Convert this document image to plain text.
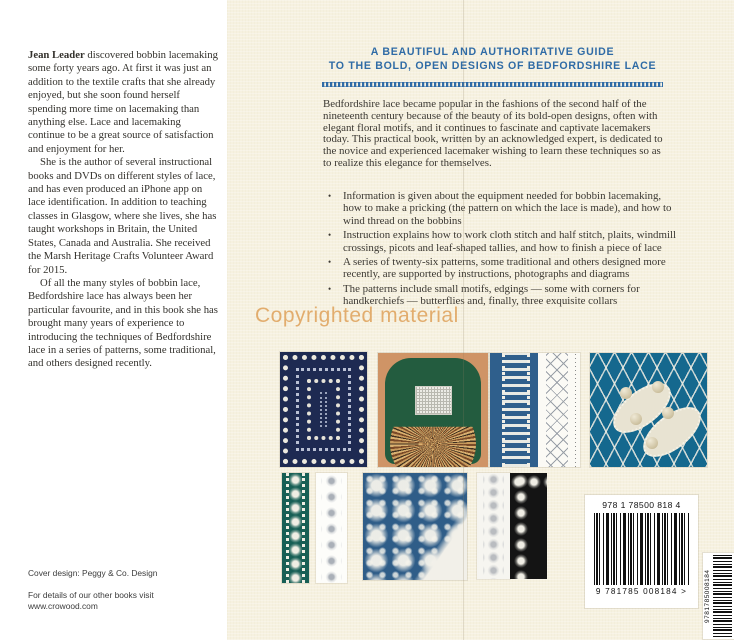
Jean Leader discovered bobbin lacemaking some forty years ago. At first it was just an addition to the textile crafts that she already enjoyed, but she soon found herself spending more time on lacemaking than anything else. Lace and lacemaking continue to be a great source of satisfaction and enjoyment for her.

She is the author of several instructional books and DVDs on different styles of lace, and has even produced an iPhone app on lace identification. In addition to teaching classes in Glasgow, where she lives, she has taught workshops in Britain, the United States, Canada and Australia. She received the Marsh Heritage Crafts Volunteer Award for 2015.

Of all the many styles of bobbin lace, Bedfordshire lace has always been her particular favourite, and in this book she has brought many years of experience to introducing the techniques of Bedfordshire lace in a series of patterns, some traditional, and others designed recently.

Cover design: Peggy & Co. Design
For details of our other books visit
www.crowood.com
A BEAUTIFUL AND AUTHORITATIVE GUIDE
TO THE BOLD, OPEN DESIGNS OF BEDFORDSHIRE LACE
Bedfordshire lace became popular in the fashions of the second half of the nineteenth century because of the beauty of its bold-open designs, often with elegant floral motifs, and it continues to fascinate and captivate lacemakers today. This practical book, written by an acknowledged expert, is dedicated to the novice and experienced lacemaker wishing to learn these techniques so as to realize this elegance for themselves.
• Information is given about the equipment needed for bobbin lacemaking, how to make a pricking (the pattern on which the lace is made), and how to wind thread on the bobbins
• Instruction explains how to work cloth stitch and half stitch, plaits, windmill crossings, picots and leaf-shaped tallies, and how to finish a piece of lace
• A series of twenty-six patterns, some traditional and others designed more recently, are supported by instructions, photographs and diagrams
• The patterns include small motifs, edgings — some with corners for handkerchiefs — butterflies and, finally, three exquisite collars
Copyrighted material
978 1 78500 818 4
9 781785 008184 >	9781785008184
